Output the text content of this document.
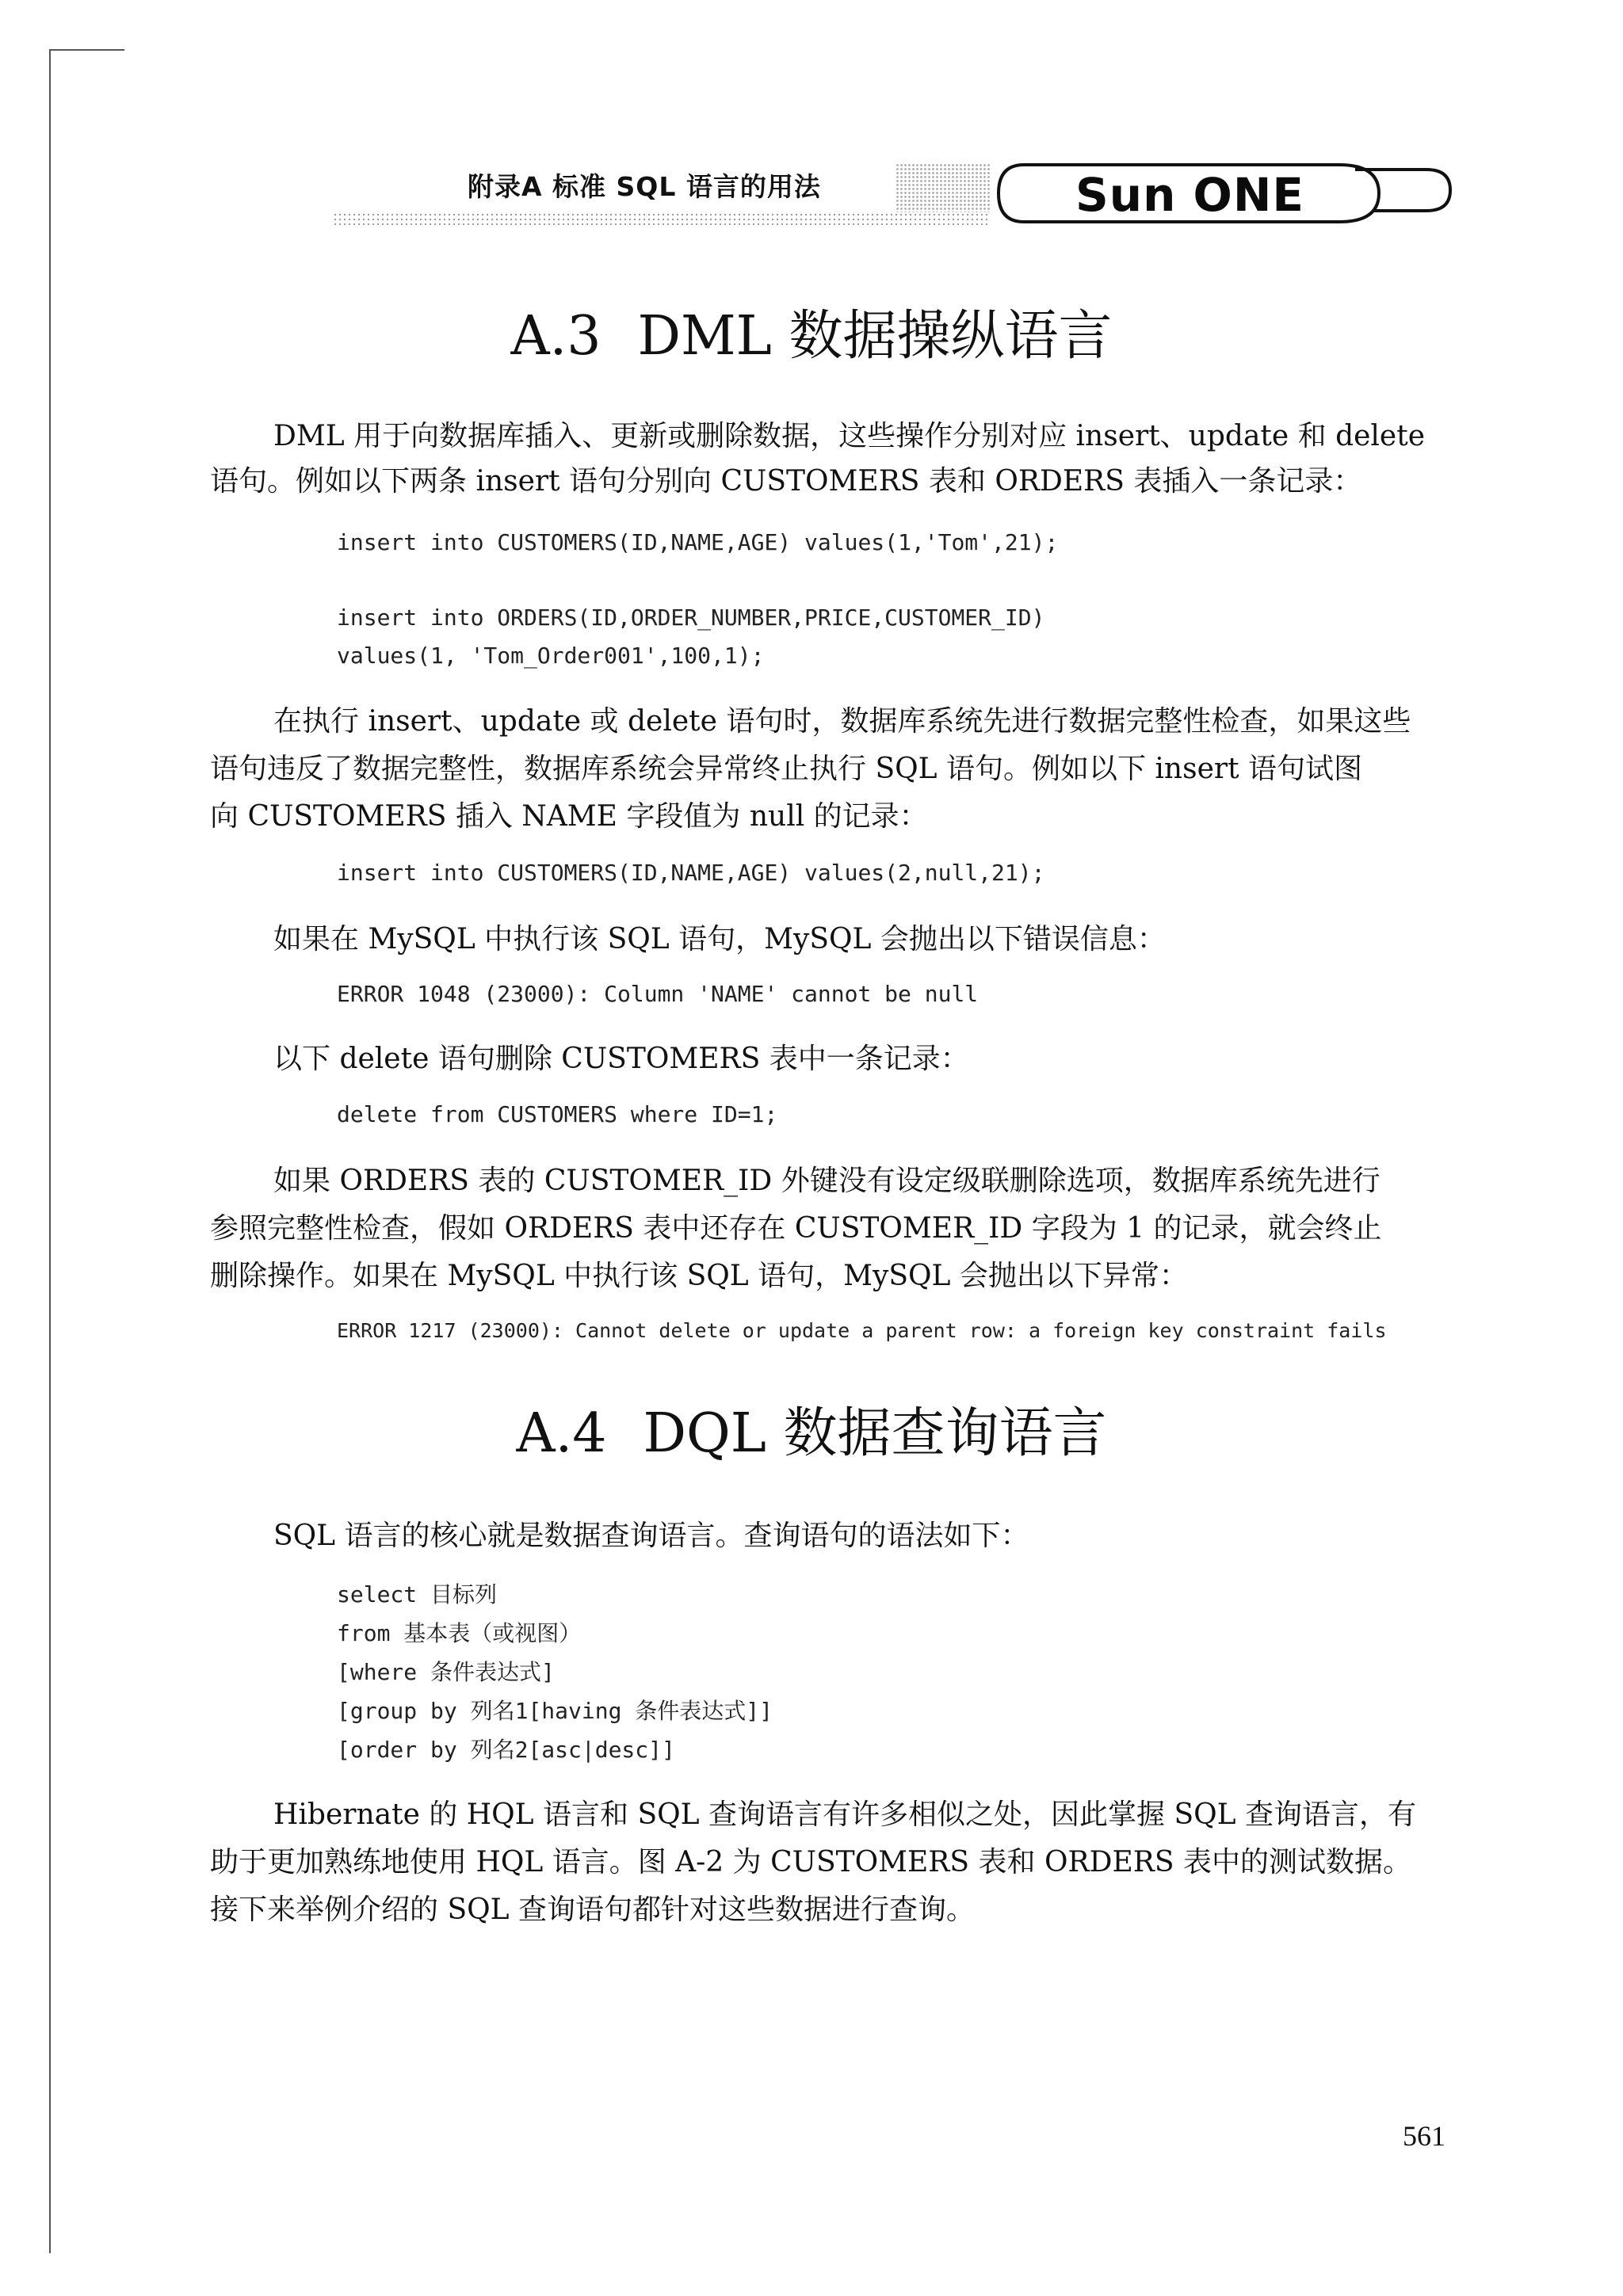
附录A 标准 SQL 语言的用法	Sun ONE
A.3 DML 数据操纵语言
DML 用于向数据库插入、更新或删除数据，这些操作分别对应 insert、update 和 delete
语句。例如以下两条 insert 语句分别向 CUSTOMERS 表和 ORDERS 表插入一条记录：
insert into CUSTOMERS(ID,NAME,AGE) values(1,'Tom',21);
insert into ORDERS(ID,ORDER_NUMBER,PRICE,CUSTOMER_ID)
values(1, 'Tom_Order001',100,1);
在执行 insert、update 或 delete 语句时，数据库系统先进行数据完整性检查，如果这些
语句违反了数据完整性，数据库系统会异常终止执行 SQL 语句。例如以下 insert 语句试图
向 CUSTOMERS 插入 NAME 字段值为 null 的记录：
insert into CUSTOMERS(ID,NAME,AGE) values(2,null,21);
如果在 MySQL 中执行该 SQL 语句，MySQL 会抛出以下错误信息：
ERROR 1048 (23000): Column 'NAME' cannot be null
以下 delete 语句删除 CUSTOMERS 表中一条记录：
delete from CUSTOMERS where ID=1;
如果 ORDERS 表的 CUSTOMER_ID 外键没有设定级联删除选项，数据库系统先进行
参照完整性检查，假如 ORDERS 表中还存在 CUSTOMER_ID 字段为 1 的记录，就会终止
删除操作。如果在 MySQL 中执行该 SQL 语句，MySQL 会抛出以下异常：
ERROR 1217 (23000): Cannot delete or update a parent row: a foreign key constraint fails
A.4 DQL 数据查询语言
SQL 语言的核心就是数据查询语言。查询语句的语法如下：
select 目标列
from 基本表（或视图）
[where 条件表达式]
[group by 列名1[having 条件表达式]]
[order by 列名2[asc|desc]]
Hibernate 的 HQL 语言和 SQL 查询语言有许多相似之处，因此掌握 SQL 查询语言，有
助于更加熟练地使用 HQL 语言。图 A-2 为 CUSTOMERS 表和 ORDERS 表中的测试数据。
接下来举例介绍的 SQL 查询语句都针对这些数据进行查询。
561
